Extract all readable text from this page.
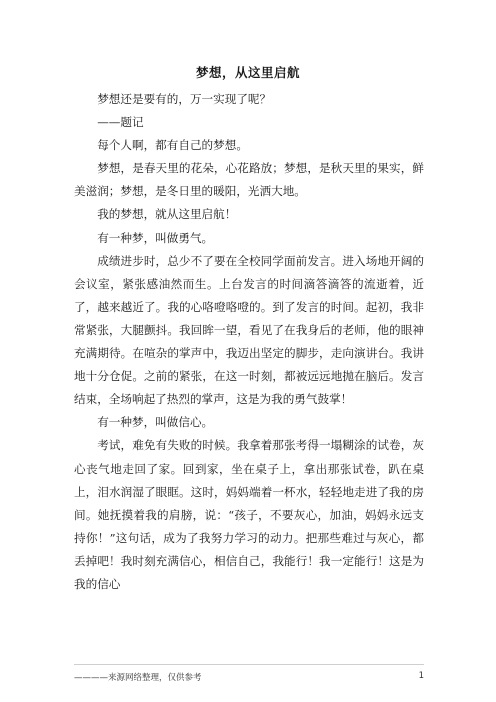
梦想，从这里启航

梦想还是要有的，万一实现了呢？

——题记

每个人啊，都有自己的梦想。

梦想，是春天里的花朵，心花路放；梦想，是秋天里的果实，鲜美滋润；梦想，是冬日里的暖阳，光洒大地。

我的梦想，就从这里启航！

有一种梦，叫做勇气。

成绩进步时，总少不了要在全校同学面前发言。进入场地开阔的会议室，紧张感油然而生。上台发言的时间滴答滴答的流逝着，近了，越来越近了。我的心咯噔咯噔的。到了发言的时间。起初，我非常紧张，大腿颤抖。我回眸一望，看见了在我身后的老师，他的眼神充满期待。在喧杂的掌声中，我迈出坚定的脚步，走向演讲台。我讲地十分仓促。之前的紧张，在这一时刻，都被远远地抛在脑后。发言结束，全场响起了热烈的掌声，这是为我的勇气鼓掌！

有一种梦，叫做信心。

考试，难免有失败的时候。我拿着那张考得一塌糊涂的试卷，灰心丧气地走回了家。回到家，坐在桌子上，拿出那张试卷，趴在桌上，泪水润湿了眼眶。这时，妈妈端着一杯水，轻轻地走进了我的房间。她抚摸着我的肩膀，说：“孩子，不要灰心，加油，妈妈永远支持你！”这句话，成为了我努力学习的动力。把那些难过与灰心，都丢掉吧！我时刻充满信心，相信自己，我能行！我一定能行！这是为我的信心

————来源网络整理，仅供参考	1
